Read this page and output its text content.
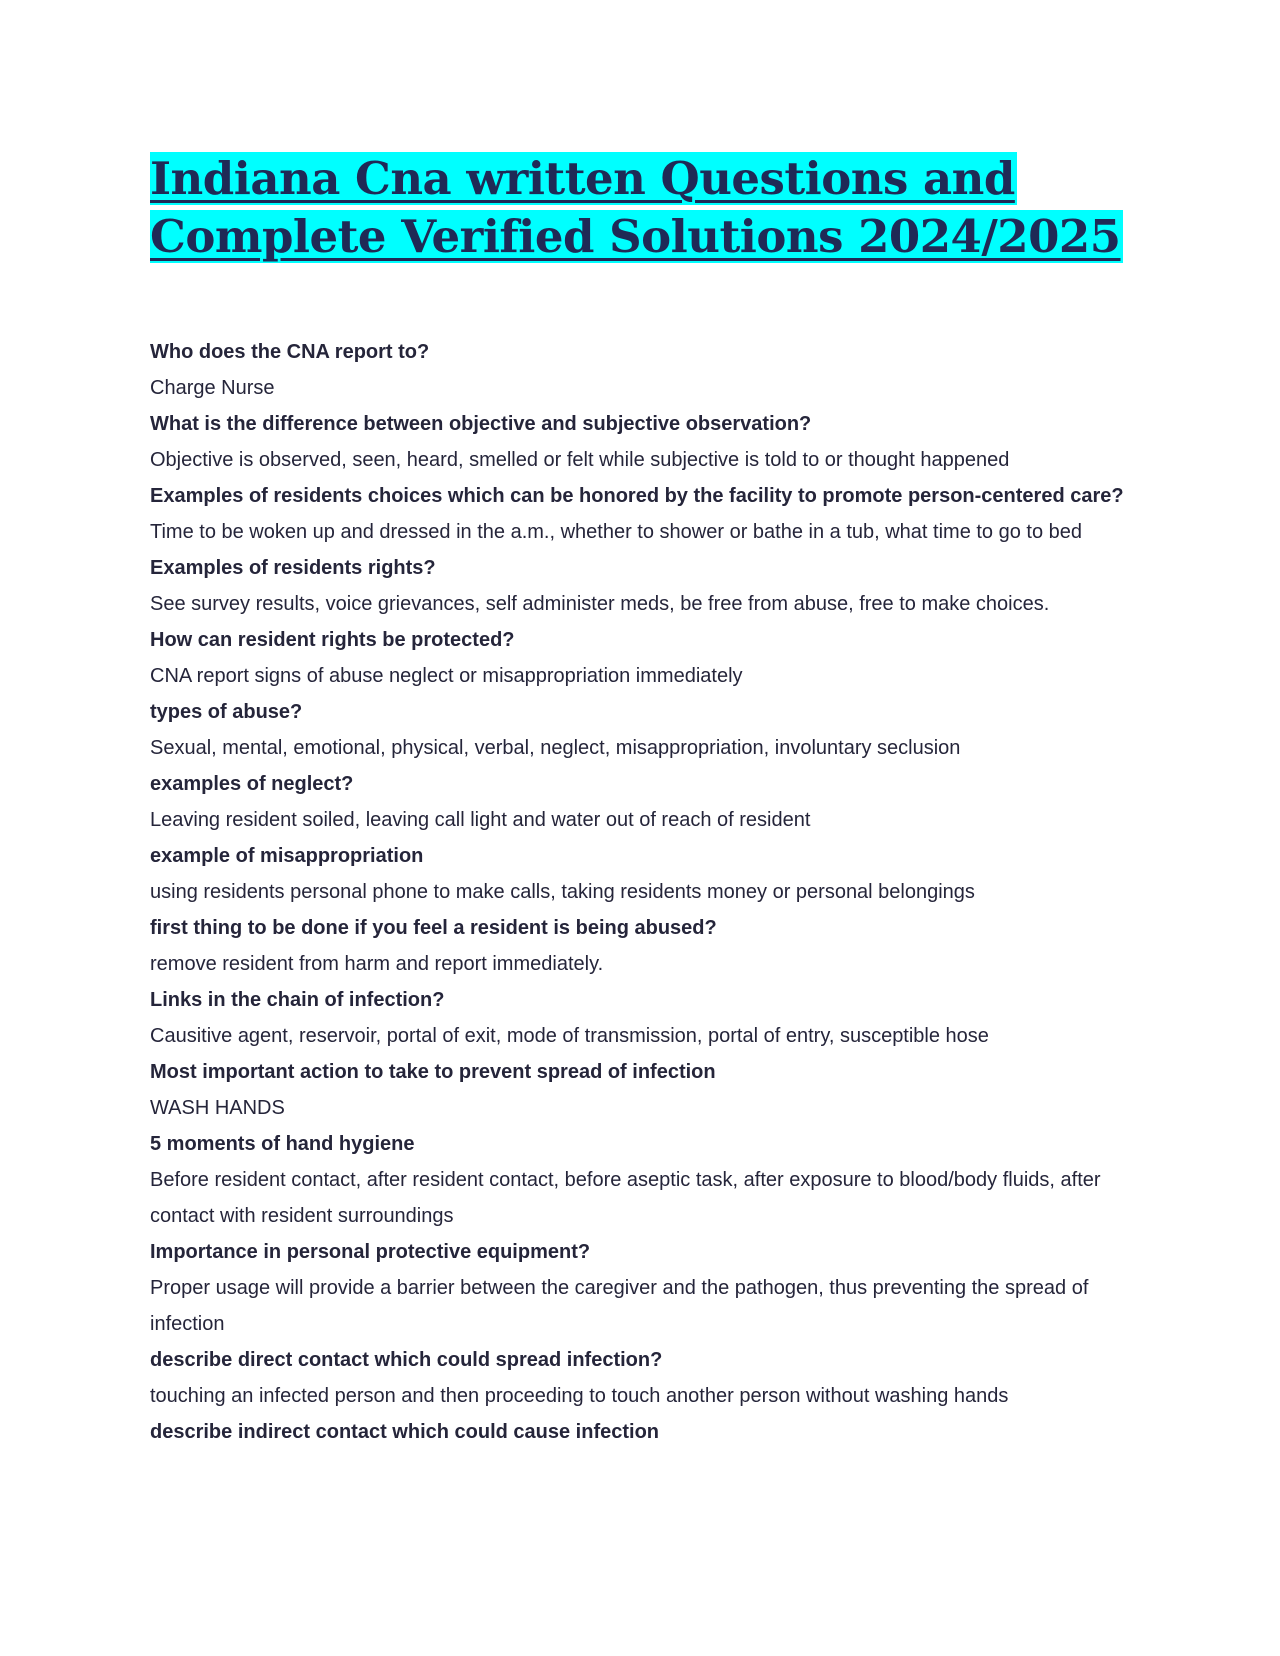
Indiana Cna written Questions and
Complete Verified Solutions 2024/2025

Who does the CNA report to?

Charge Nurse

What is the difference between objective and subjective observation?

Objective is observed, seen, heard, smelled or felt while subjective is told to or thought happened

Examples of residents choices which can be honored by the facility to promote person-centered care?

Time to be woken up and dressed in the a.m., whether to shower or bathe in a tub, what time to go to bed

Examples of residents rights?

See survey results, voice grievances, self administer meds, be free from abuse, free to make choices.

How can resident rights be protected?

CNA report signs of abuse neglect or misappropriation immediately

types of abuse?

Sexual, mental, emotional, physical, verbal, neglect, misappropriation, involuntary seclusion

examples of neglect?

Leaving resident soiled, leaving call light and water out of reach of resident

example of misappropriation

using residents personal phone to make calls, taking residents money or personal belongings

first thing to be done if you feel a resident is being abused?

remove resident from harm and report immediately.

Links in the chain of infection?

Causitive agent, reservoir, portal of exit, mode of transmission, portal of entry, susceptible hose

Most important action to take to prevent spread of infection

WASH HANDS

5 moments of hand hygiene

Before resident contact, after resident contact, before aseptic task, after exposure to blood/body fluids, after contact with resident surroundings

Importance in personal protective equipment?

Proper usage will provide a barrier between the caregiver and the pathogen, thus preventing the spread of infection

describe direct contact which could spread infection?

touching an infected person and then proceeding to touch another person without washing hands

describe indirect contact which could cause infection
